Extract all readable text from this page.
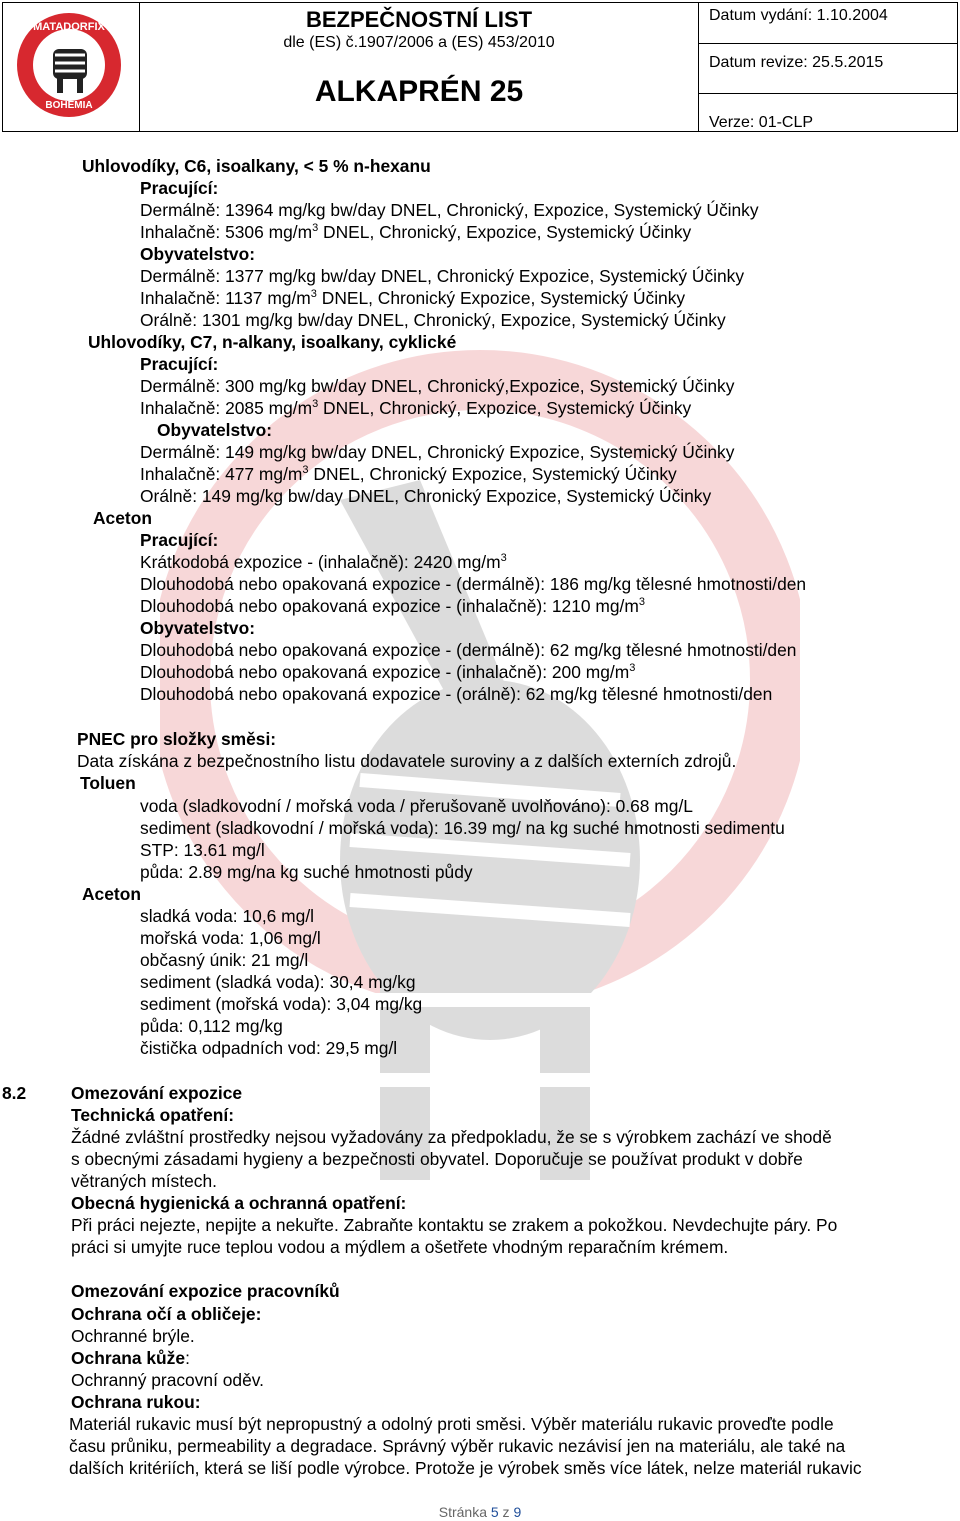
MATADORFIX
BOHEMIA
BEZPEČNOSTNÍ LIST
dle (ES) č.1907/2006 a (ES) 453/2010
ALKAPRÉN 25
Datum vydání: 1.10.2004
Datum revize: 25.5.2015
Verze: 01-CLP
Uhlovodíky, C6, isoalkany, < 5 % n-hexanu
Pracující:
Dermálně: 13964 mg/kg bw/day DNEL, Chronický, Expozice, Systemický Účinky
Inhalačně: 5306 $mg/m^3$ DNEL, Chronický, Expozice, Systemický Účinky
Obyvatelstvo:
Dermálně: 1377 mg/kg bw/day DNEL, Chronický Expozice, Systemický Účinky
Inhalačně: 1137 $mg/m^3$ DNEL, Chronický Expozice, Systemický Účinky
Orálně: 1301 mg/kg bw/day DNEL, Chronický, Expozice, Systemický Účinky
Uhlovodíky, C7, n-alkany, isoalkany, cyklické
Pracující:
Dermálně: 300 mg/kg bw/day DNEL, Chronický,Expozice, Systemický Účinky
Inhalačně: 2085 $mg/m^3$ DNEL, Chronický, Expozice, Systemický Účinky
Obyvatelstvo:
Dermálně: 149 mg/kg bw/day DNEL, Chronický Expozice, Systemický Účinky
Inhalačně: 477 $mg/m^3$ DNEL, Chronický Expozice, Systemický Účinky
Orálně: 149 mg/kg bw/day DNEL, Chronický Expozice, Systemický Účinky
Aceton
Pracující:
Krátkodobá expozice - (inhalačně): 2420 $mg/m^3$
Dlouhodobá nebo opakovaná expozice - (dermálně): 186 mg/kg tělesné hmotnosti/den
Dlouhodobá nebo opakovaná expozice - (inhalačně): 1210 $mg/m^3$
Obyvatelstvo:
Dlouhodobá nebo opakovaná expozice - (dermálně): 62 mg/kg tělesné hmotnosti/den
Dlouhodobá nebo opakovaná expozice - (inhalačně): 200 $mg/m^3$
Dlouhodobá nebo opakovaná expozice - (orálně): 62 mg/kg tělesné hmotnosti/den
PNEC pro složky směsi:
Data získána z bezpečnostního listu dodavatele suroviny a z dalších externích zdrojů.
Toluen
voda (sladkovodní / mořská voda / přerušovaně uvolňováno): 0.68 mg/L
sediment (sladkovodní / mořská voda): 16.39 mg/ na kg suché hmotnosti sedimentu
STP: 13.61 mg/l
půda: 2.89 mg/na kg suché hmotnosti půdy
Aceton
sladká voda: 10,6 mg/l
mořská voda: 1,06 mg/l
občasný únik: 21 mg/l
sediment (sladká voda): 30,4 mg/kg
sediment (mořská voda): 3,04 mg/kg
půda: 0,112 mg/kg
čistička odpadních vod: 29,5 mg/l
8.2	Omezování expozice
Technická opatření:
Žádné zvláštní prostředky nejsou vyžadovány za předpokladu, že se s výrobkem zachází ve shodě
s obecnými zásadami hygieny a bezpečnosti obyvatel. Doporučuje se používat produkt v dobře
větraných místech.
Obecná hygienická a ochranná opatření:
Při práci nejezte, nepijte a nekuřte. Zabraňte kontaktu se zrakem a pokožkou. Nevdechujte páry. Po
práci si umyjte ruce teplou vodou a mýdlem a ošetřete vhodným reparačním krémem.
Omezování expozice pracovníků
Ochrana očí a obličeje:
Ochranné brýle.
Ochrana kůže:
Ochranný pracovní oděv.
Ochrana rukou:
Materiál rukavic musí být nepropustný a odolný proti směsi. Výběr materiálu rukavic proveďte podle
času průniku, permeability a degradace. Správný výběr rukavic nezávisí jen na materiálu, ale také na
dalších kritériích, která se liší podle výrobce. Protože je výrobek směs více látek, nelze materiál rukavic
Stránka 5 z 9
